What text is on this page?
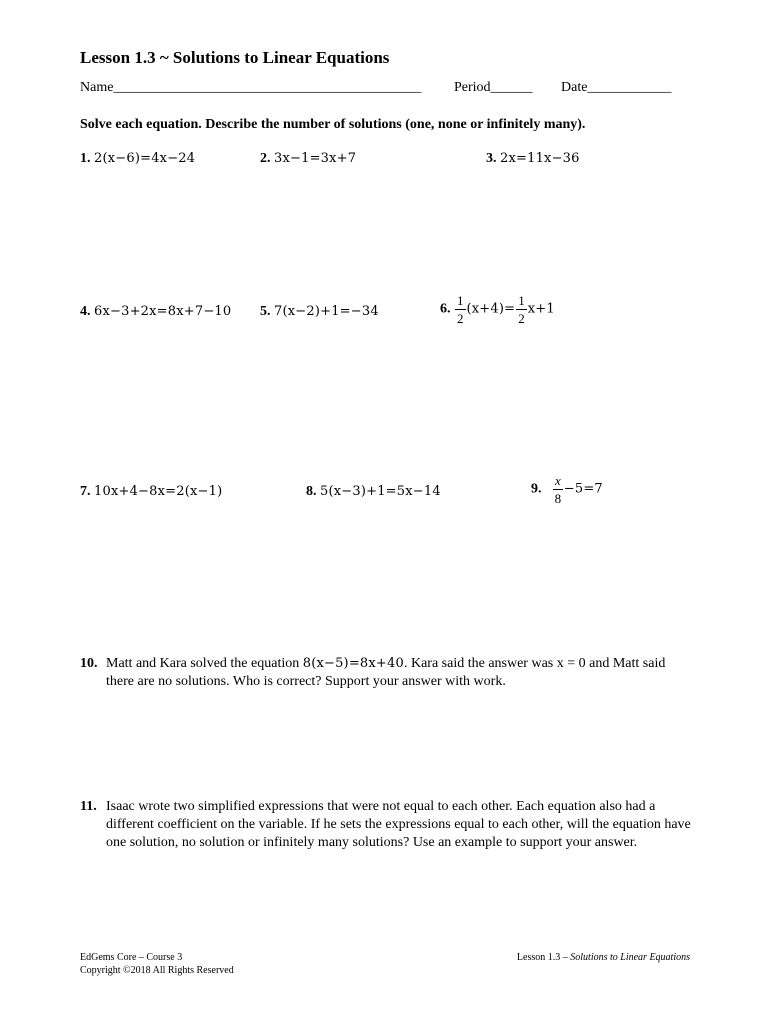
Lesson 1.3 ~ Solutions to Linear Equations
Name____________________________________________ Period______ Date____________
Solve each equation. Describe the number of solutions (one, none or infinitely many).
1. 2(x−6)=4x−24	2. 3x−1=3x+7	3. 2x=11x−36
4. 6x−3+2x=8x+7−10 5. 7(x−2)+1=−34	6. $\frac{1}{2} (x+4)= \frac{1}{2} x+1$
7. 10x+4−8x=2(x−1)	8. 5(x−3)+1=5x−14	9. $\frac{x}{8} -5=7$
10. Matt and Kara solved the equation 8(x−5)=8x+40. Kara said the answer was x = 0 and Matt said there are no solutions. Who is correct? Support your answer with work.
11. Isaac wrote two simplified expressions that were not equal to each other. Each equation also had a different coefficient on the variable. If he sets the expressions equal to each other, will the equation have one solution, no solution or infinitely many solutions? Use an example to support your answer.
EdGems Core – Course 3
Copyright ©2018 All Rights Reserved
Lesson 1.3 – Solutions to Linear Equations
